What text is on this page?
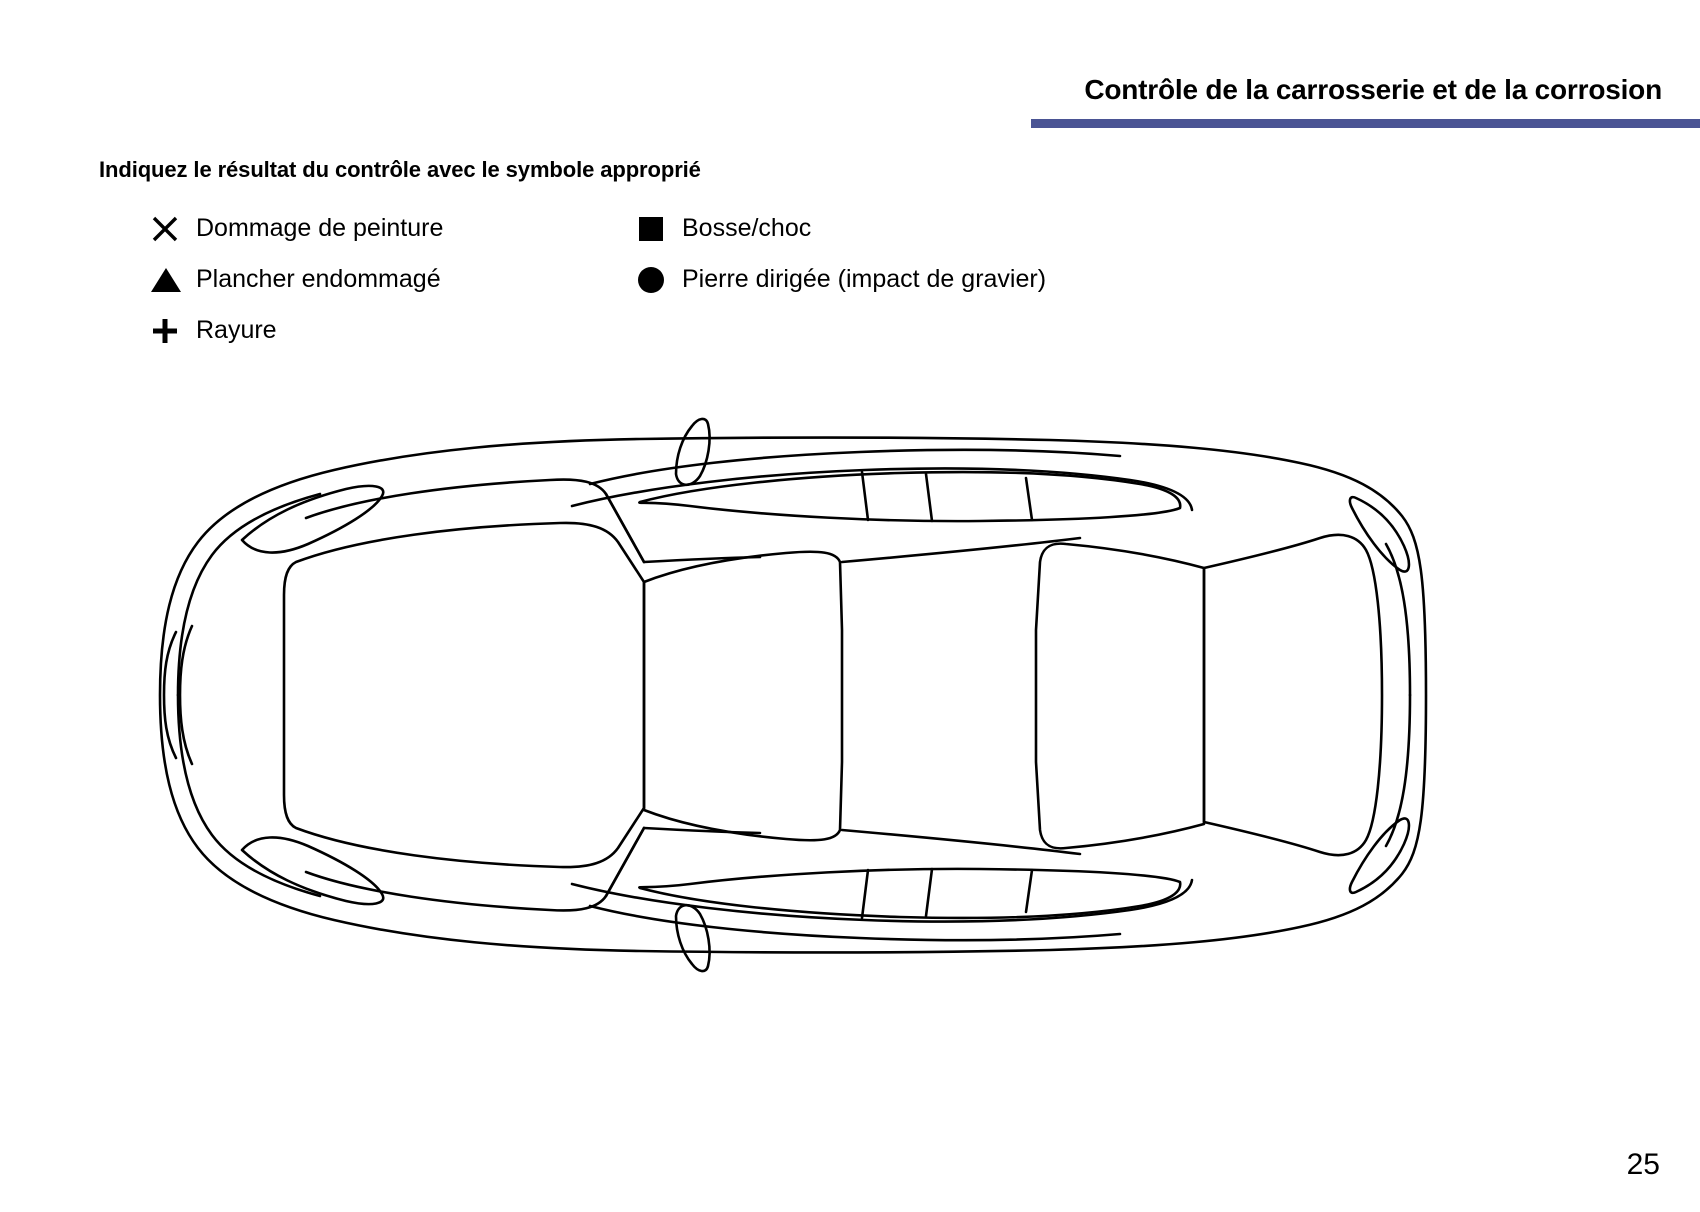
Contrôle de la carrosserie et de la corrosion
Indiquez le résultat du contrôle avec le symbole approprié
Dommage de peinture
Plancher endommagé
Rayure
Bosse/choc
Pierre dirigée (impact de gravier)
25
